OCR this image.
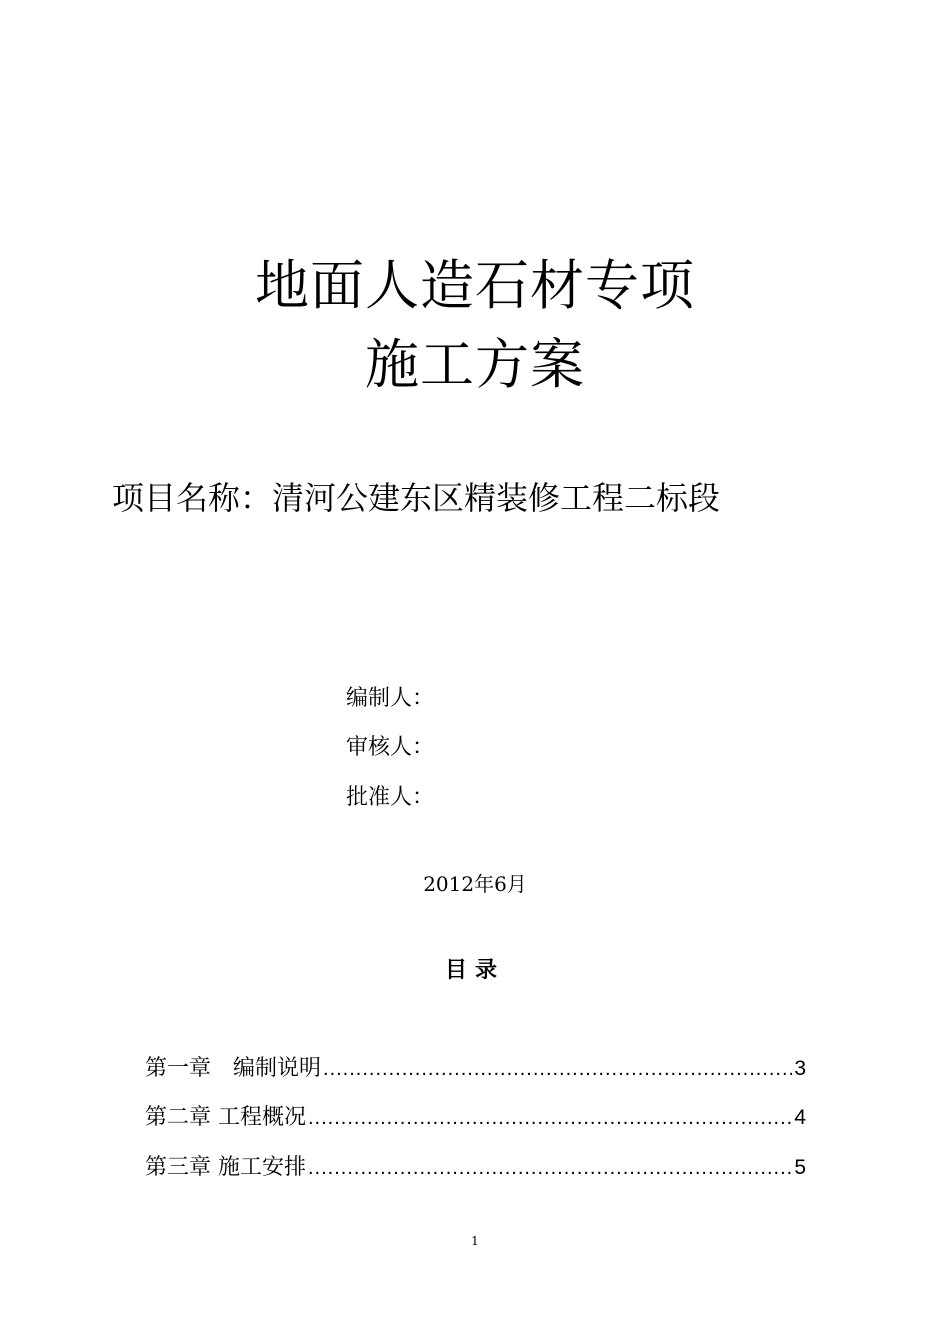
地面人造石材专项
施工方案
项目名称：清河公建东区精装修工程二标段
编制人：
审核人：
批准人：
2012年6月
目录
第一章　编制说明 .....	3
第二章 工程概况 .....	4
第三章 施工安排 .....	5
1
